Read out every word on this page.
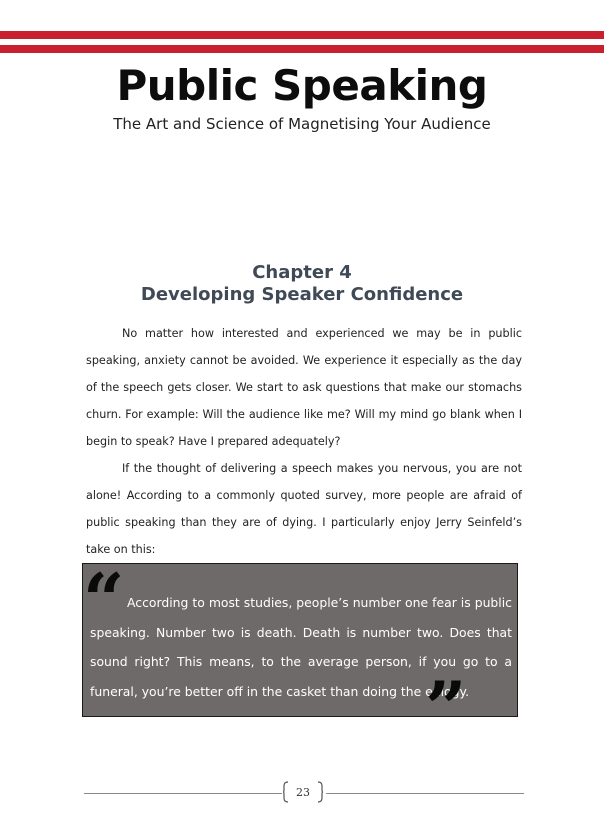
Public Speaking
The Art and Science of Magnetising Your Audience
Chapter 4
Developing Speaker Confidence

No matter how interested and experienced we may be in public speaking, anxiety cannot be avoided. We experience it especially as the day of the speech gets closer. We start to ask questions that make our stomachs churn. For example: Will the audience like me? Will my mind go blank when I begin to speak? Have I prepared adequately?

If the thought of delivering a speech makes you nervous, you are not alone! According to a commonly quoted survey, more people are afraid of public speaking than they are of dying. I particularly enjoy Jerry Seinfeld’s take on this:

“ According to most studies, people’s number one fear is public speaking. Number two is death. Death is number two. Does that sound right? This means, to the average person, if you go to a funeral, you’re better off in the casket than doing the eulogy.
”
23
